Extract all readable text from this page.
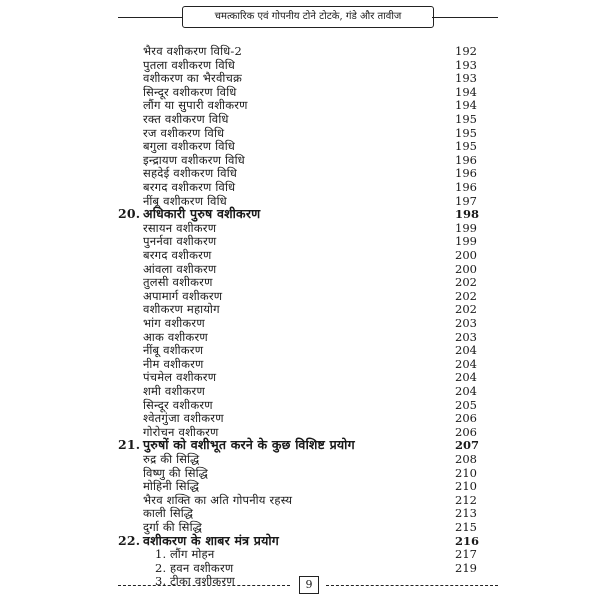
चमत्कारिक एवं गोपनीय टोने टोटके, गंडे और तावीज
भैरव वशीकरण विधि-2	192
पुतला वशीकरण विधि	193
वशीकरण का भैरवीचक्र	193
सिन्दूर वशीकरण विधि	194
लौंग या सुपारी वशीकरण	194
रक्त वशीकरण विधि	195
रज वशीकरण विधि	195
बगुला वशीकरण विधि	195
इन्द्रायण वशीकरण विधि	196
सहदेई वशीकरण विधि	196
बरगद वशीकरण विधि	196
नींबू वशीकरण विधि	197
20. अधिकारी पुरुष वशीकरण	198
रसायन वशीकरण	199
पुनर्नवा वशीकरण	199
बरगद वशीकरण	200
आंवला वशीकरण	200
तुलसी वशीकरण	202
अपामार्ग वशीकरण	202
वशीकरण महायोग	202
भांग वशीकरण	203
आक वशीकरण	203
नींबू वशीकरण	204
नीम वशीकरण	204
पंचमेल वशीकरण	204
शमी वशीकरण	204
सिन्दूर वशीकरण	205
श्वेतगुंजा वशीकरण	206
गोरोचन वशीकरण	206
21. पुरुषों को वशीभूत करने के कुछ विशिष्ट प्रयोग	207
रुद्र की सिद्धि	208
विष्णु की सिद्धि	210
मोहिनी सिद्धि	210
भैरव शक्ति का अति गोपनीय रहस्य	212
काली सिद्धि	213
दुर्गा की सिद्धि	215
22. वशीकरण के शाबर मंत्र प्रयोग	216
1. लौंग मोहन	217
2. हवन वशीकरण	219
3. टीका वशीकरण	9
